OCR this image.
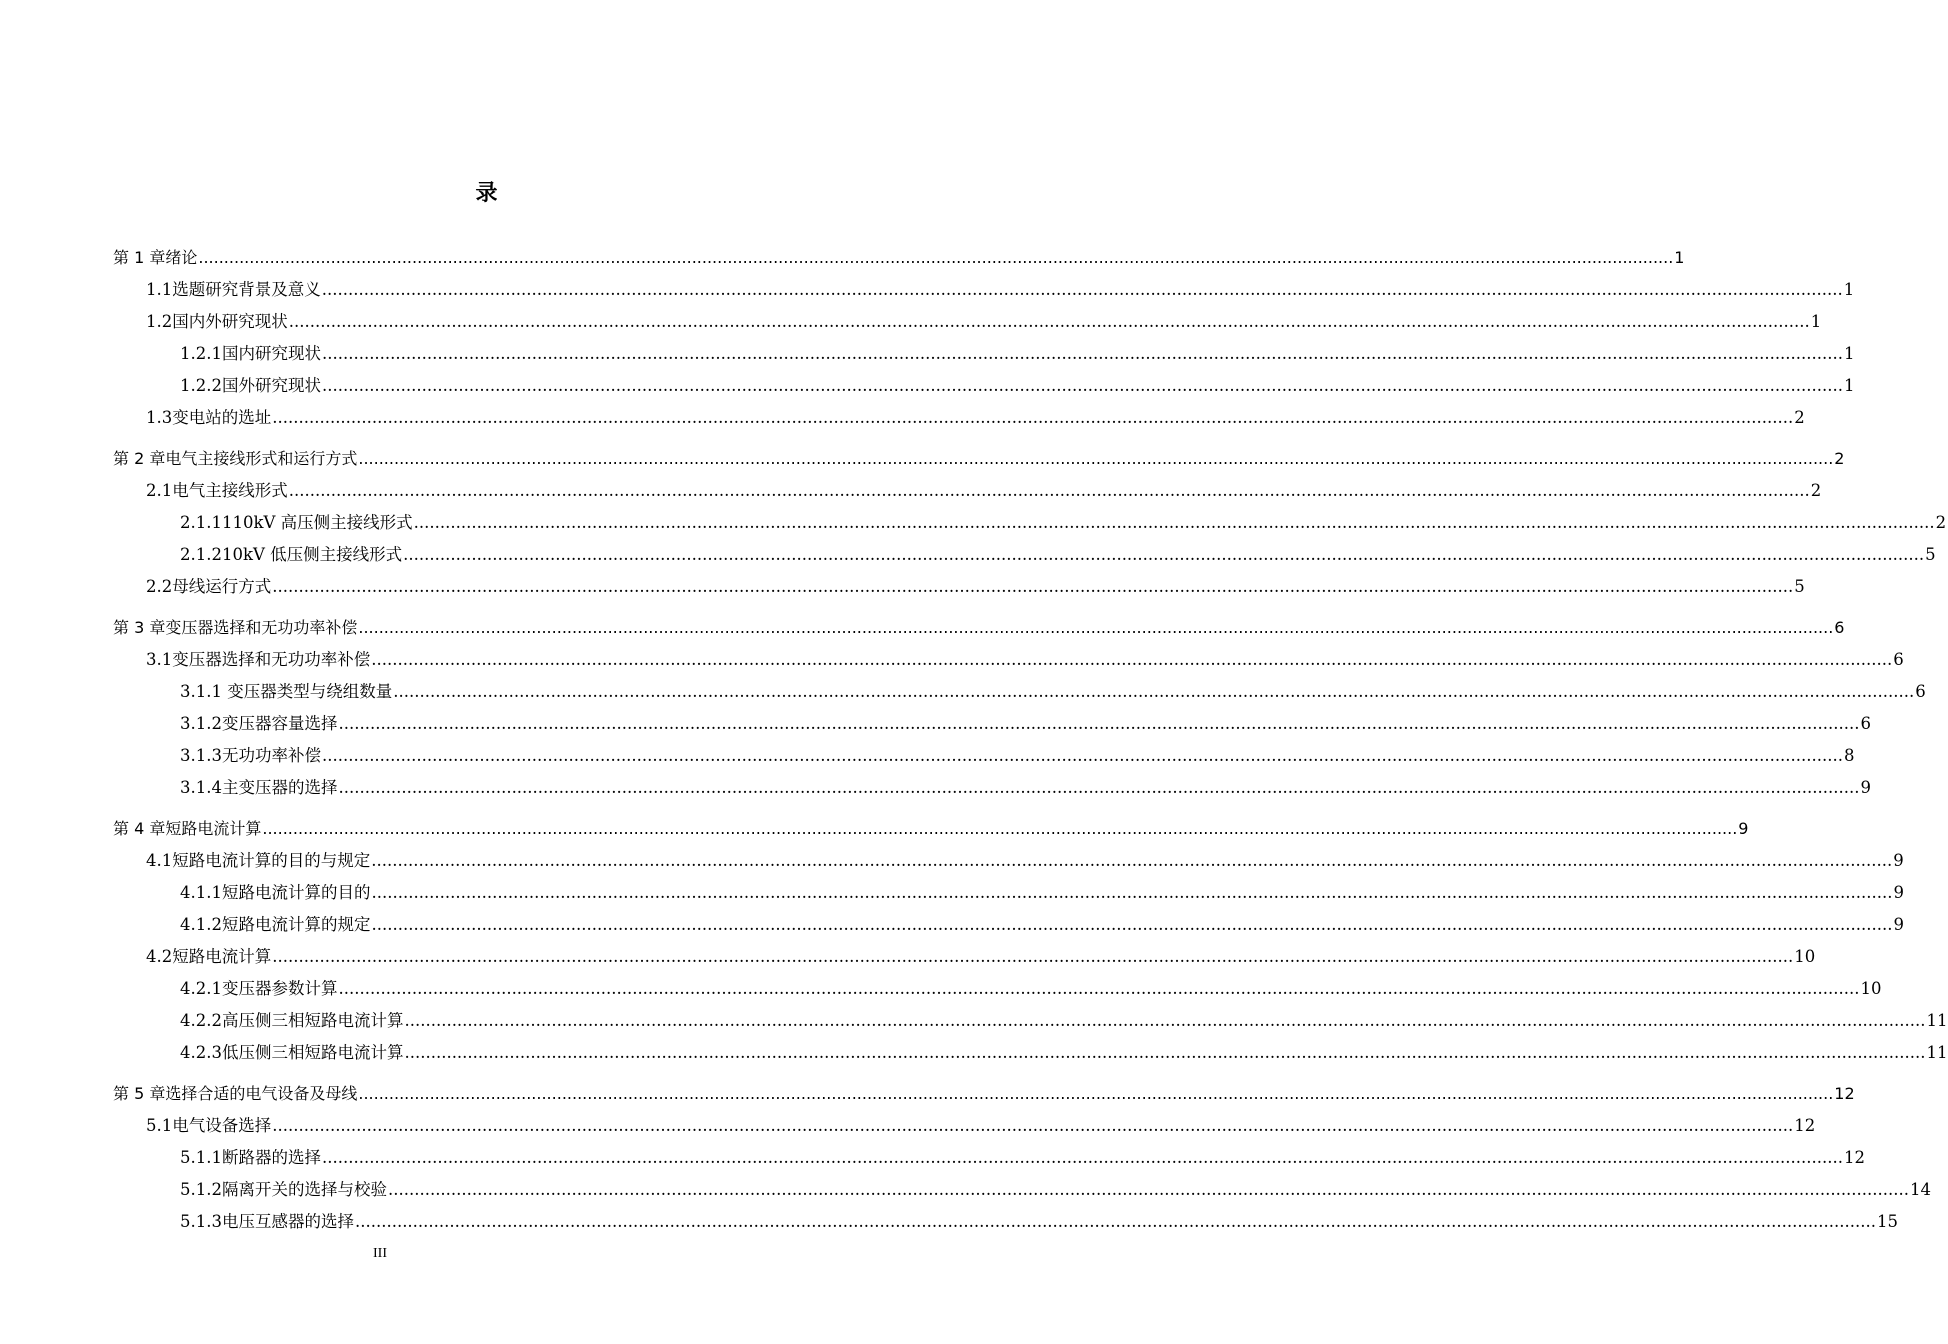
录
第 1 章 绪论 .....	1
1.1 选题研究背景及意义 .....	1
1.2 国内外研究现状 .....	1
1.2.1 国内研究现状 .....	1
1.2.2 国外研究现状 .....	1
1.3 变电站的选址 .....	2
第 2 章 电气主接线形式和运行方式 .....	2
2.1 电气主接线形式 .....	2
2.1.1 110kV 高压侧主接线形式 .....	2
2.1.2 10kV 低压侧主接线形式 .....	5
2.2 母线运行方式 .....	5
第 3 章 变压器选择和无功功率补偿 .....	6
3.1 变压器选择和无功功率补偿 .....	6
3.1.1 变压器类型与绕组数量 .....	6
3.1.2 变压器容量选择 .....	6
3.1.3 无功功率补偿 .....	8
3.1.4 主变压器的选择 .....	9
第 4 章 短路电流计算 .....	9
4.1 短路电流计算的目的与规定 .....	9
4.1.1 短路电流计算的目的 .....	9
4.1.2 短路电流计算的规定 .....	9
4.2 短路电流计算 .....	10
4.2.1 变压器参数计算 .....	10
4.2.2 高压侧三相短路电流计算 .....	11
4.2.3 低压侧三相短路电流计算 .....	11
第 5 章 选择合适的电气设备及母线 .....	12
5.1 电气设备选择 .....	12
5.1.1 断路器的选择 .....	12
5.1.2 隔离开关的选择与校验 .....	14
5.1.3 电压互感器的选择 .....	15
III
